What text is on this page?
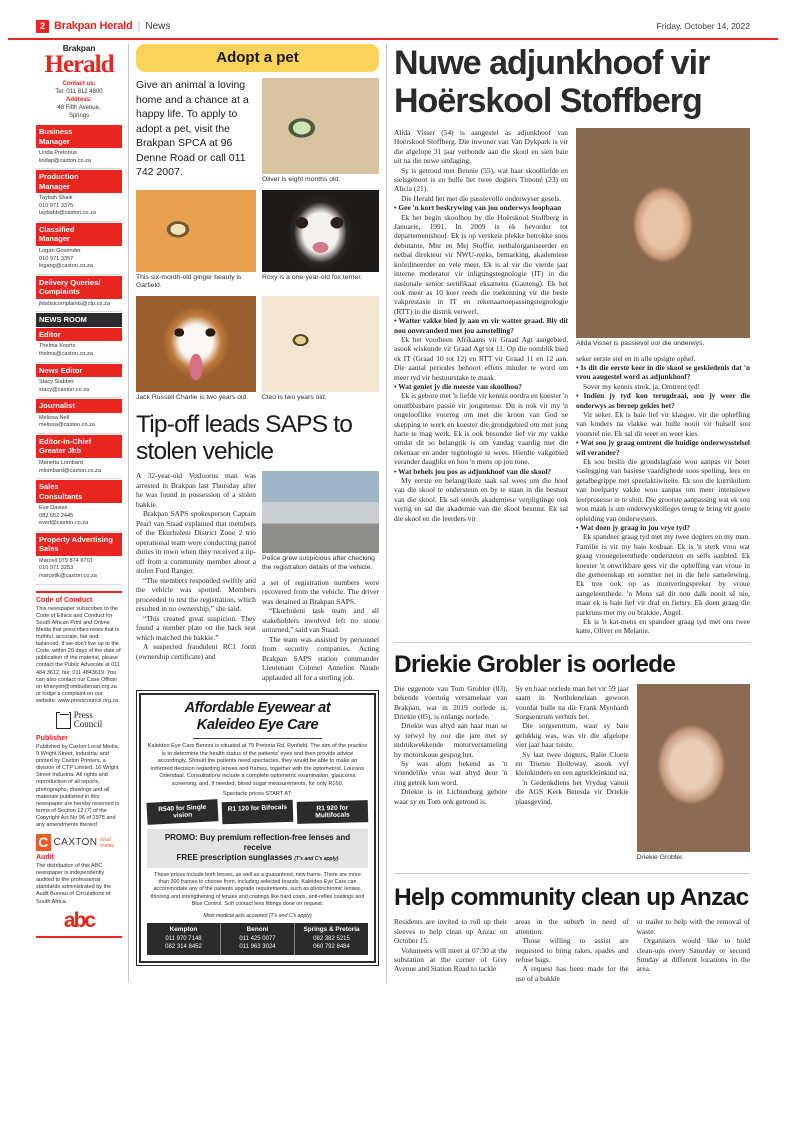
2 Brakpan Herald | News	Friday, October 14, 2022
Brakpan
Herald
Contact us:
Tel: 011 812 4800
Address:
48 Fifth Avenue,
Springs
Business
Manager
Linda Pretorius
lindap@caxton.co.za
Production
Manager
Taybah Shaik
010 971 3375
taybahb@caxton.co.za
Classified
Manager
Logan Govender
010 971 3357
logang@caxton.co.za
Delivery Queries/
Complaints
jhbdistcomplaints@ctp.co.za
NEWS ROOM
Editor
Thelma Koorts
thelma@caxton.co.za
News Editor
Stacy Slabber
stacy@caxton.co.za
Journalist
Melissa Nell
melissa@caxton.co.za
Editor-in-Chief
Greater Jhb
Marietta Lombard
mlombard@caxton.co.za
Sales
Consultants
Eve Davies
082 652 2445
eved@caxton.co.za
Property Advertising
Sales
Marcell 079 874 6701
010 971 3253
marcellk@caxton.co.za
Code of Conduct
This newspaper subscribes to the Code of Ethics and Conduct for South African Print and Online Media that prescribes news that is truthful, accurate, fair and balanced. If we don't live up to the Code, within 20 days of the date of publication of the material, please contact the Public Advocate at 011 484 3612, fax: 011 4843619. You can also contact our Case Officer on khanyim@ombudsman.org.za or lodge a complaint on our website: www.presscouncil.org.za
Press
Council
Publisher
Published by Caxton Local Media, 9 Wright Street, Industria; and printed by Caxton Printers, a division of CTP Limited, 16 Wright Street Industria. All rights and reproduction of all reports, photographs, drawings and all materials published in this newspaper are hereby reserved in terms of Section 12 (7) of the Copyright Act No 96 of 1978 and any amendments thereof.
C
CAXTON local media
Audit
The distribution of this ABC newspaper is independently audited to the professional standards administrated by the Audit Bureau of Circulations of South Africa.
abc
Adopt a pet
Give an animal a loving home and a chance at a happy life. To apply to adopt a pet, visit the Brakpan SPCA at 96 Denne Road or call 011 742 2007.
Oliver is eight months old.
This six-month-old ginger beauty is Garfield.
Roxy is a one-year-old fox terrier.
Jack Russell Charlie is two years old.	Cleo is two years old.
Tip-off leads SAPS to stolen vehicle

A 32-year-old Vosloorus man was arrested in Brakpan last Thursday after he was found in possession of a stolen bakkie.

Brakpan SAPS spokesperson Captain Pearl van Staad explained that members of the Ekurhuleni District Zone 2 trio operational team were conducting patrol duties in town when they received a tip-off from a community member about a stolen Ford Ranger.

“The members responded swiftly and the vehicle was spotted. Members proceeded to test the registration, which resulted in no ownership,” she said.

“This created great suspicion. They found a number plate on the back seat which matched the bakkie.”

A suspected fraudulent RC1 form (ownership certificate) and

Police grew suspicious after checking the registration details of the vehicle.

a set of registration numbers were recovered from the vehicle. The driver was detained at Brakpan SAPS.

“Ekurhuleni task team and all stakeholders involved left no stone unturned,” said van Staad.

The team was assisted by personnel from security companies. Acting Brakpan SAPS station commander Lieutenant Colonel Anneline Naude applauded all for a sterling job.

Affordable Eyewear at
Kaleideo Eye Care
Kaleideo Eye Care Benoni is situated at 79 Pretoria Rd, Rynfield. The aim of the practice is to determine the health status of the patients' eyes and then provide advice accordingly. Should the patients need spectacles, they would be able to make an informed decision regarding lenses and frames, together with the optometrist, Lourans Odendaal. Consultations include a complete optometric examination, glaucoma screening, and, if needed, blood sugar measurements, for only R160.
Spectacle prices START AT:
R540 for Single vision
R1 120 for Bifocals	R1 920 for Multifocals
PROMO: Buy premium reflection-free lenses and receive
FREE prescription sunglasses (T's and C's apply)
These prices include both lenses, as well as a guaranteed, new frame. There are more than 300 frames to choose from, including selected brands. Kaleideo Eye Care can accommodate any of the patients upgrade requirements, such as photochromic lenses, thinning and strengthening of lenses and coatings like hard coats, anti-reflex coatings and Blue Control. Soft contact lens fittings done on request.
Most medical aids accepted (T's and C's apply)
Kempton
011 970 7148
082 314 8452
Benoni
011 425 0077
011 963 3024
Springs & Pretoria
082 382 5215
060 792 8484
Nuwe adjunkhoof vir Hoërskool Stoffberg

Alida Visser (54) is aangestel as adjunkhoof van Hoërskool Stoffberg. Die inwoner van Van Dykpark is vir die afgelope 31 jaar verbonde aan die skool en sien baie uit na die nuwe uitdaging.

Sy is getroud met Bennie (55), wat haar skoolliefde en sielsgenoot is en hulle het twee dogters Timoné (23) en Alicia (21).

Die Herald het met die passievolle onderwyser gesels.

• Gee 'n kort beskrywing van jou onderwys loopbaan

Ek het begin skoolhou by die Hoërskool Stoffberg in Januarie, 1991. In 2009 is ek bevorder tot departementshoof. Ek is op verskeie plekke betrokke soos debutante, Mnr en Mej Stoffie, netbalorganiseerder en netbal direkteur vir NWU-reeks, bemarking, akademiese koördineerder en vele meer. Ek is al vir die vierde jaar interne moderator vir inligtingstegnologie (IT) in die nasionale senior sertifikaat eksamens (Gauteng). Ek het ook meer as 10 keer reeds die toekenning vir die beste vakprestasie in IT en rekenaartoepassingstegnologie (RTT) in die distrik verwerf.

• Watter vakke bied jy aan en vir watter graad. Bly dit nou onveranderd met jou aanstelling?

Ek het voorheen Afrikaans vir Graad Agt aangebied, asook wiskunde vir Graad Agt tot 11. Op die oomblik bied ek IT (Graad 10 tot 12) en RTT vir Graad 11 en 12 aan. Die aantal periodes behoort effens minder te word om meer tyd vir bestuurstake te maak.

• Wat geniet jy die meeste van skoolhou?

Ek is gebore met 'n liefde vir kennis oordra en koester 'n onuitblusbare passie vir jongmense. Dit is ook vir my 'n ongelooflike voorreg om met die kroon van God se skepping te werk en koester die grondgebied om met jong harte te mag werk. Ek is ook besonder lief vir my vakke omdat dit so belangrik is om vandag vaardig met die rekenaar en ander tegnologie te wees. Hierdie vakgebied verander daagliks en hou 'n mens op jou tone.

• Wat behels jou pos as adjunkhoof van die skool?

My eerste en belangrikste taak sal wees om die hoof van die skool te ondersteun en by te staan in die bestuur van die skool. Ek sal steeds akademiese verpligtinge ook verrig en sal die akademie van die skool bestuur. Ek sal die skool en die leerders vir

Alida Visser is passievol oor die onderwys.

seker eerste stel en in alle opsigte ophef.

• Is dit die eerste keer in die skool se geskiedenis dat 'n vrou aangestel word as adjunkhoof?

Sover my kennis strek, ja. Omtrent tyd!

• Indien jy tyd kon terugdraai, sou jy weer die onderwys as beroep gekies het?

Vir seker. Ek is baie lief vir klasgee, vir die opheffing van kinders na vlakke wat hulle nooit vir hulself sou voorstel nie. Ek sal dit weer en weer kies.

• Wat sou jy graag omtrent die huidige onderwysstelsel wil verander?

Ek sou beslis die grondslagfase wou aanpas vir beter vaslegging van basiese vaardighede soos spelling, lees en getalbegrippe met speelaktiwiteite. Ek sou die kurrikulum van heelparty vakke wou aanpas om meer intensiewe leerprosesse in te sluit. Die grootste aanpassing wat ek sou wou maak is om onderwyskolleges terug te bring vir goeie opleiding van onderwysers.

• Wat doen jy graag in jou vrye tyd?

Ek spandeer graag tyd met my twee dogters en my man. Familie is vir my baie kosbaar. Ek is 'n sterk vrou wat graag vrouegeleenthede ondersteun en selfs aanbied. Ek koester 'n onwrikbare gees vir die opheffing van vroue in die gemeenskap en sommer net in die hele samelewing. Ek tree ook op as motiveringspreker by vroue aangeleenthede. 'n Mens sal dit nou dalk nooit sê nie, maar ek is baie lief vir draf en fietsry. Ek doen graag die parkruns met my ou brakkie, Angel.

Ek is 'n kat-mens en spandeer graag tyd met ons twee katte, Oliver en Melanie.

Driekie Grobler is oorlede

Die eggenote van Tom Grobler (83), bekende voertuig versamelaar van Brakpan, wat in 2019 oorlede is, Driekie (85), is onlangs oorlede.

Driekie was altyd aan haar man se sy terwyl hy oor die jare met sy indrukwekkende motorversameling by motorskoue gespog het.

Sy was alom bekend as 'n vriendelike vrou wat altyd deur 'n ring getrek kon word.

Driekie is in Lichtenburg gebore waar sy en Tom ook getroud is.

Sy en haar oorlede man het vir 59 jaar saam in Northdenelaan gewoon voordat hulle na die Frank Mynhardt Sorgsentrum verhuis het.

Die sorgsentrum, waar sy baie gelukkig was, was vir die afgelope vier jaar haar tuiste.

Sy laat twee dogters, Ralie Cloete en Trienie Holloway, asook vyf kleinkinders en een agterkleinkind na.

'n Gedenkdiens het Vrydag vanuit die AGS Kerk Betesda vir Driekie plaasgevind.

Driekie Grobler.
Help community clean up Anzac

Residents are invited to roll up their sleeves to help clean up Anzac on October 15.

Volunteers will meet at 07:30 at the substation at the corner of Grey Avenue and Station Road to tackle

areas in the suburb in need of attention.

Those willing to assist are requested to bring rakes, spades and refuse bags.

A request has been made for the use of a bakkie

or trailer to help with the removal of waste.

Organisers would like to hold clean-ups every Saturday or second Sunday at different locations in the area.
